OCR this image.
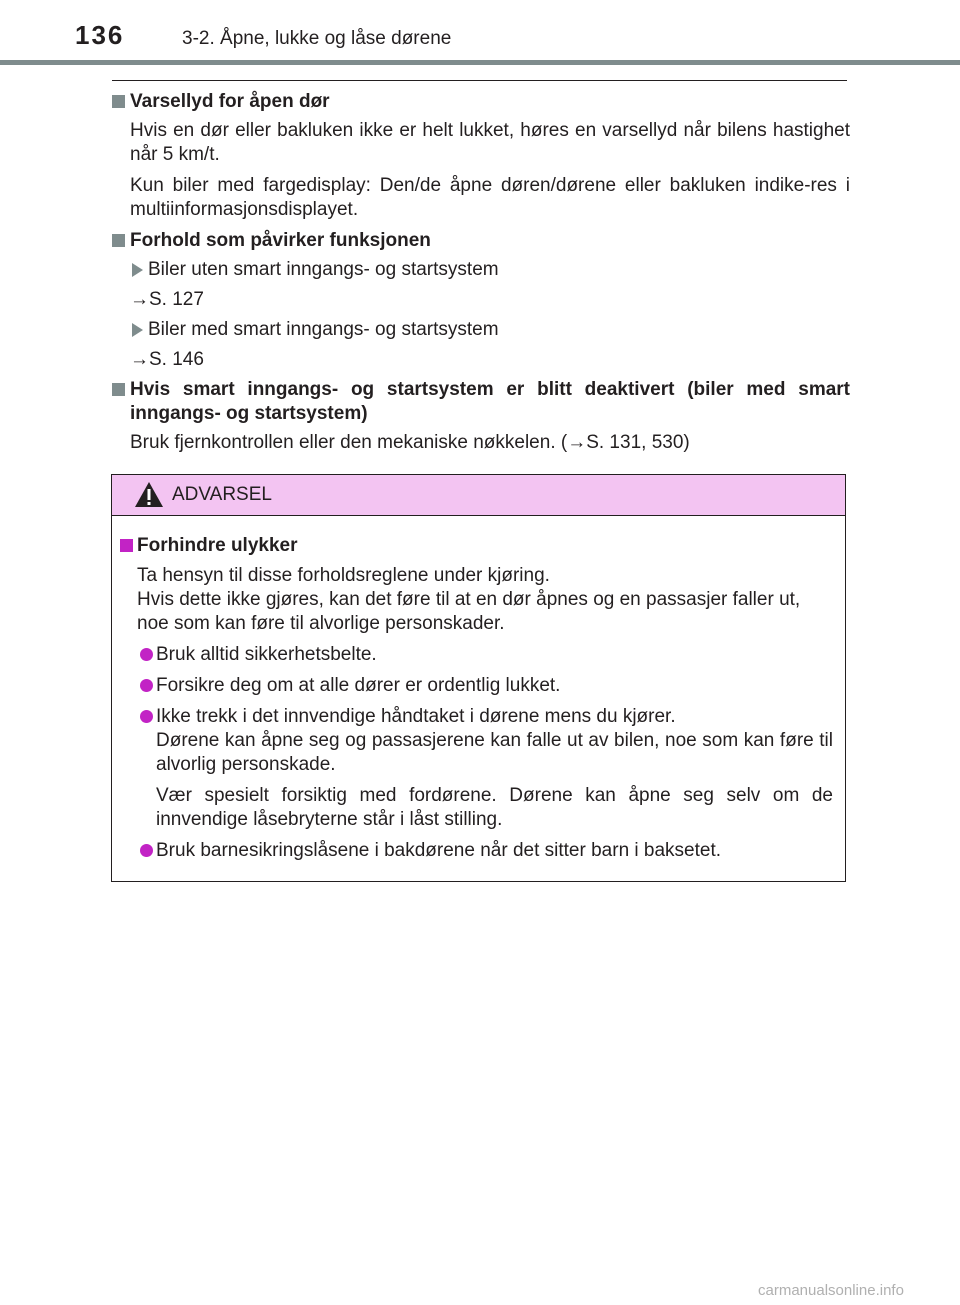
136	3-2. Åpne, lukke og låse dørene
Varsellyd for åpen dør
Hvis en dør eller bakluken ikke er helt lukket, høres en varsellyd når bilens hastighet når 5 km/t.
Kun biler med fargedisplay: Den/de åpne døren/dørene eller bakluken indike-res i multiinformasjonsdisplayet.
Forhold som påvirker funksjonen
Biler uten smart inngangs- og startsystem
→S. 127
Biler med smart inngangs- og startsystem
→S. 146
Hvis smart inngangs- og startsystem er blitt deaktivert (biler med smart inngangs- og startsystem)
Bruk fjernkontrollen eller den mekaniske nøkkelen. (→S. 131, 530)
ADVARSEL
Forhindre ulykker
Ta hensyn til disse forholdsreglene under kjøring.
Hvis dette ikke gjøres, kan det føre til at en dør åpnes og en passasjer faller ut, noe som kan føre til alvorlige personskader.
Bruk alltid sikkerhetsbelte.
Forsikre deg om at alle dører er ordentlig lukket.
Ikke trekk i det innvendige håndtaket i dørene mens du kjører.
Dørene kan åpne seg og passasjerene kan falle ut av bilen, noe som kan føre til alvorlig personskade.
Vær spesielt forsiktig med fordørene. Dørene kan åpne seg selv om de innvendige låsebryterne står i låst stilling.
Bruk barnesikringslåsene i bakdørene når det sitter barn i baksetet.
carmanualsonline.info
